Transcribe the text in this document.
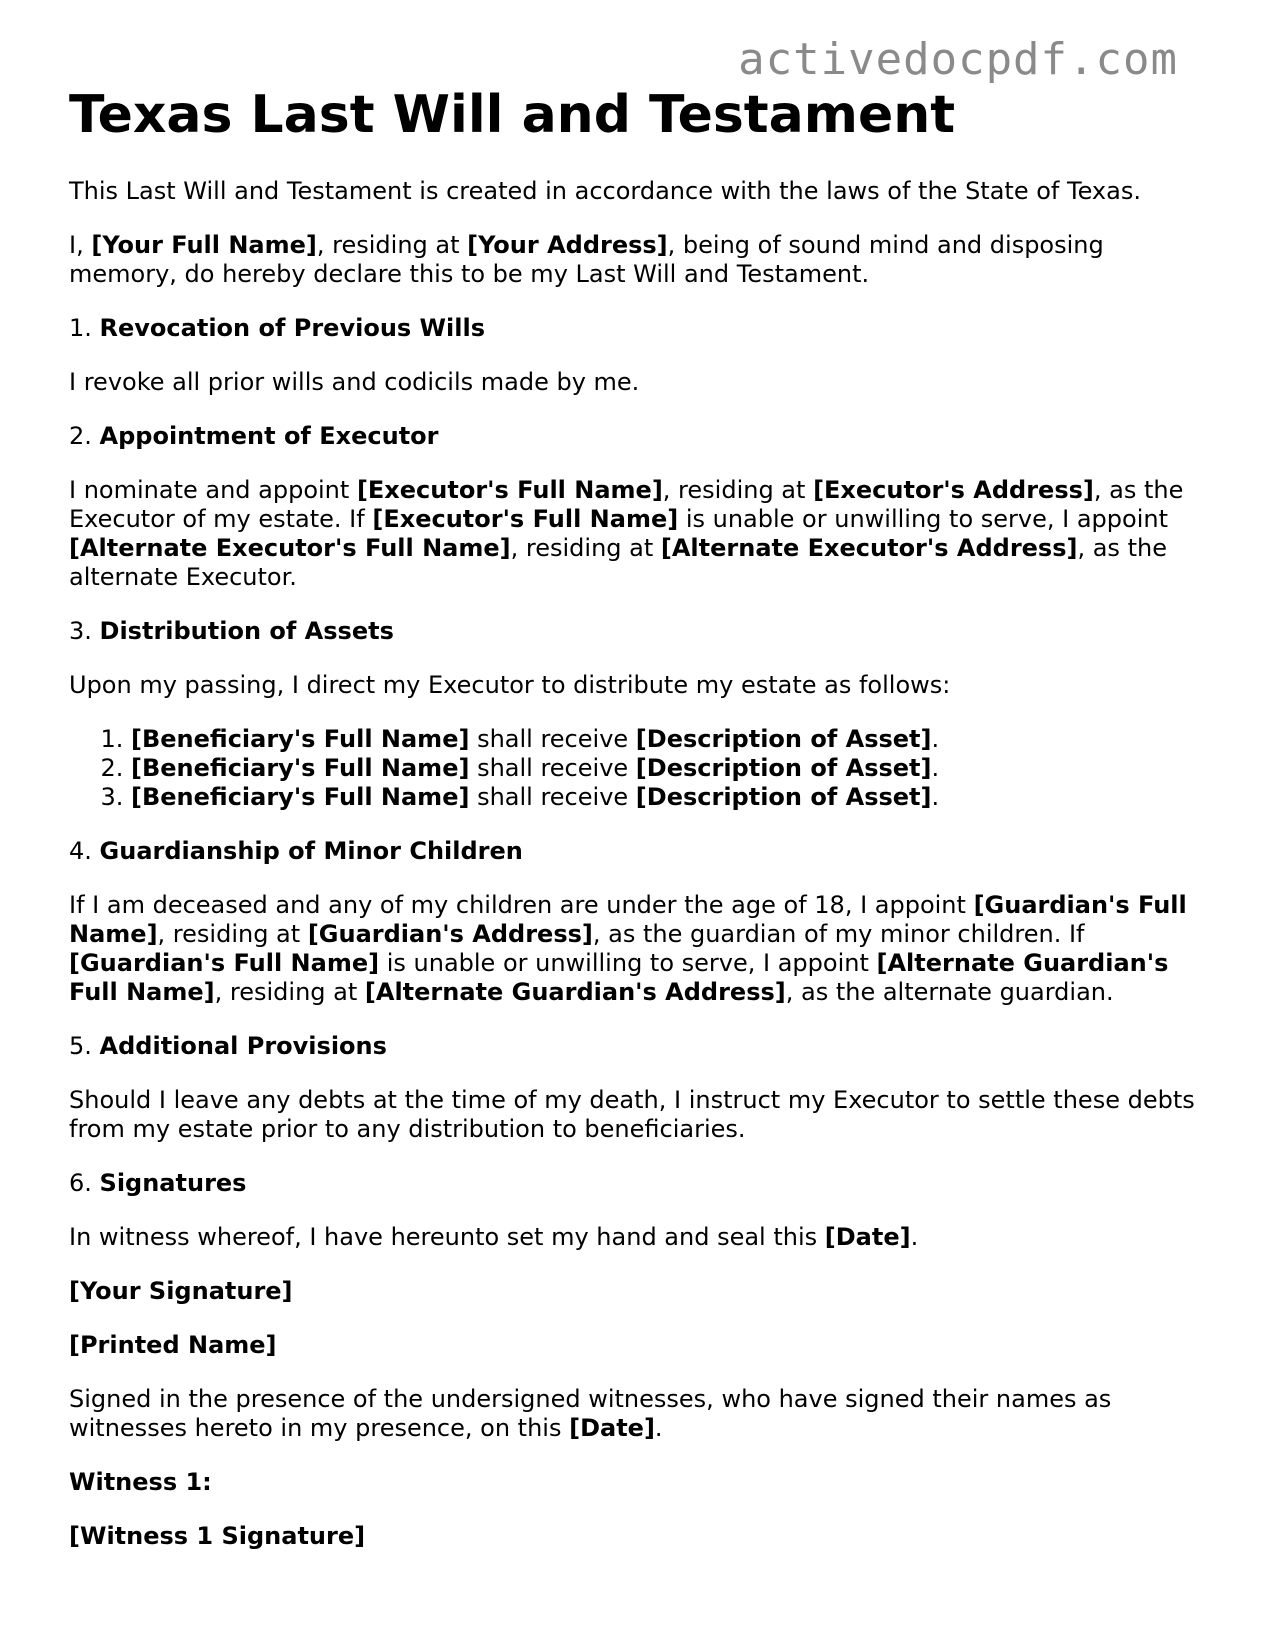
activedocpdf.com
Texas Last Will and Testament

This Last Will and Testament is created in accordance with the laws of the State of Texas.

I, [Your Full Name], residing at [Your Address], being of sound mind and disposing memory, do hereby declare this to be my Last Will and Testament.

1. Revocation of Previous Wills

I revoke all prior wills and codicils made by me.

2. Appointment of Executor

I nominate and appoint [Executor's Full Name], residing at [Executor's Address], as the Executor of my estate. If [Executor's Full Name] is unable or unwilling to serve, I appoint [Alternate Executor's Full Name], residing at [Alternate Executor's Address], as the alternate Executor.

3. Distribution of Assets

Upon my passing, I direct my Executor to distribute my estate as follows:

1. [Beneficiary's Full Name] shall receive [Description of Asset].
2. [Beneficiary's Full Name] shall receive [Description of Asset].
3. [Beneficiary's Full Name] shall receive [Description of Asset].

4. Guardianship of Minor Children

If I am deceased and any of my children are under the age of 18, I appoint [Guardian's Full Name], residing at [Guardian's Address], as the guardian of my minor children. If [Guardian's Full Name] is unable or unwilling to serve, I appoint [Alternate Guardian's Full Name], residing at [Alternate Guardian's Address], as the alternate guardian.

5. Additional Provisions

Should I leave any debts at the time of my death, I instruct my Executor to settle these debts from my estate prior to any distribution to beneficiaries.

6. Signatures

In witness whereof, I have hereunto set my hand and seal this [Date].

[Your Signature]

[Printed Name]

Signed in the presence of the undersigned witnesses, who have signed their names as witnesses hereto in my presence, on this [Date].

Witness 1:

[Witness 1 Signature]
